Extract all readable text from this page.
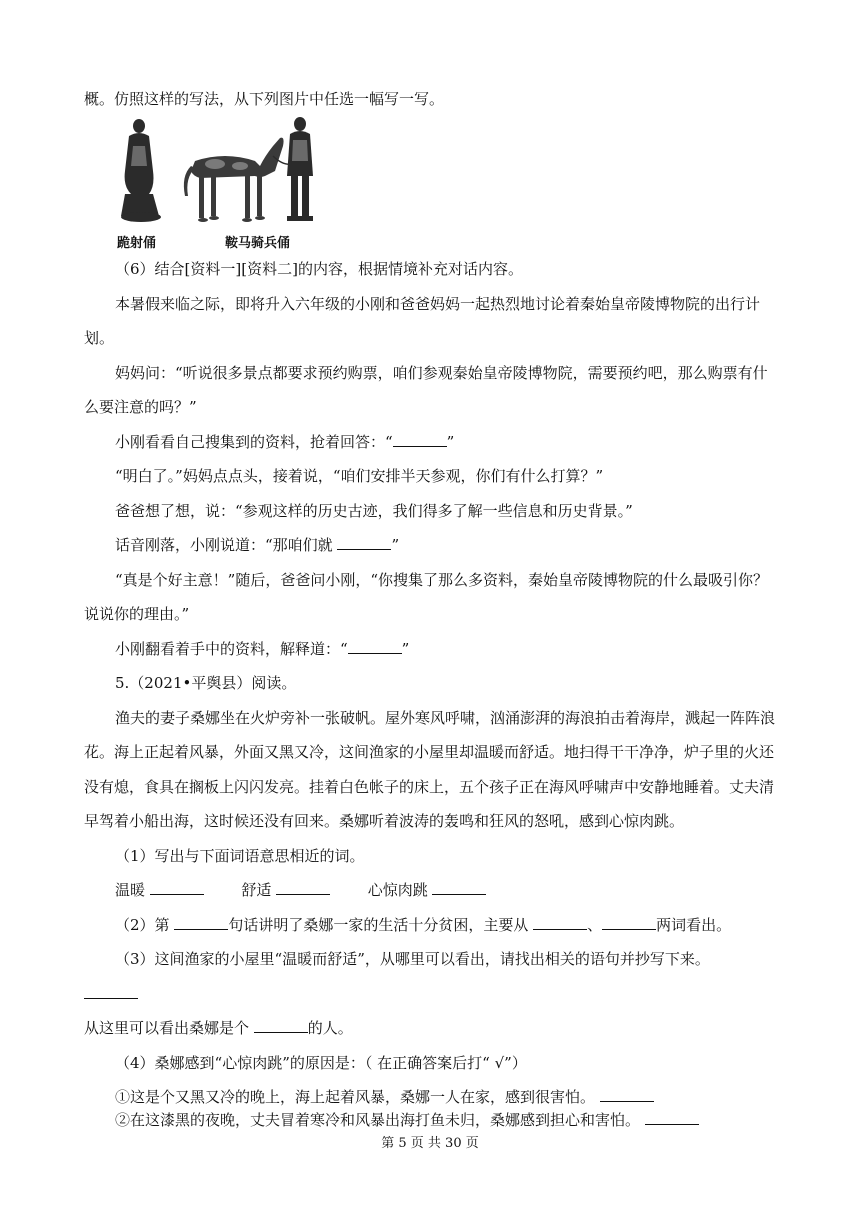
概。仿照这样的写法，从下列图片中任选一幅写一写。
跪射俑	鞍马骑兵俑
（6）结合[资料一][资料二]的内容，根据情境补充对话内容。
本暑假来临之际，即将升入六年级的小刚和爸爸妈妈一起热烈地讨论着秦始皇帝陵博物院的出行计
划。
妈妈问：“听说很多景点都要求预约购票，咱们参观秦始皇帝陵博物院，需要预约吧，那么购票有什
么要注意的吗？”
小刚看看自己搜集到的资料，抢着回答：“	”
“明白了。”妈妈点点头，接着说，“咱们安排半天参观，你们有什么打算？”
爸爸想了想，说：“参观这样的历史古迹，我们得多了解一些信息和历史背景。”
话音刚落，小刚说道：“那咱们就	”
“真是个好主意！”随后，爸爸问小刚，“你搜集了那么多资料，秦始皇帝陵博物院的什么最吸引你？
说说你的理由。”
小刚翻看着手中的资料，解释道：“	”
5.（2021•平舆县）阅读。
渔夫的妻子桑娜坐在火炉旁补一张破帆。屋外寒风呼啸，汹涌澎湃的海浪拍击着海岸，溅起一阵阵浪
花。海上正起着风暴，外面又黑又冷，这间渔家的小屋里却温暖而舒适。地扫得干干净净，炉子里的火还
没有熄，食具在搁板上闪闪发亮。挂着白色帐子的床上，五个孩子正在海风呼啸声中安静地睡着。丈夫清
早驾着小船出海，这时候还没有回来。桑娜听着波涛的轰鸣和狂风的怒吼，感到心惊肉跳。
（1）写出与下面词语意思相近的词。
温暖	舒适	心惊肉跳
（2）第	句话讲明了桑娜一家的生活十分贫困，主要从	、	两词看出。
（3）这间渔家的小屋里“温暖而舒适”，从哪里可以看出，请找出相关的语句并抄写下来。
从这里可以看出桑娜是个	的人。
（4）桑娜感到“心惊肉跳”的原因是：（ 在正确答案后打“ √”）
①这是个又黑又冷的晚上，海上起着风暴，桑娜一人在家，感到很害怕。
②在这漆黑的夜晚，丈夫冒着寒冷和风暴出海打鱼未归，桑娜感到担心和害怕。
第 5 页 共 30 页
